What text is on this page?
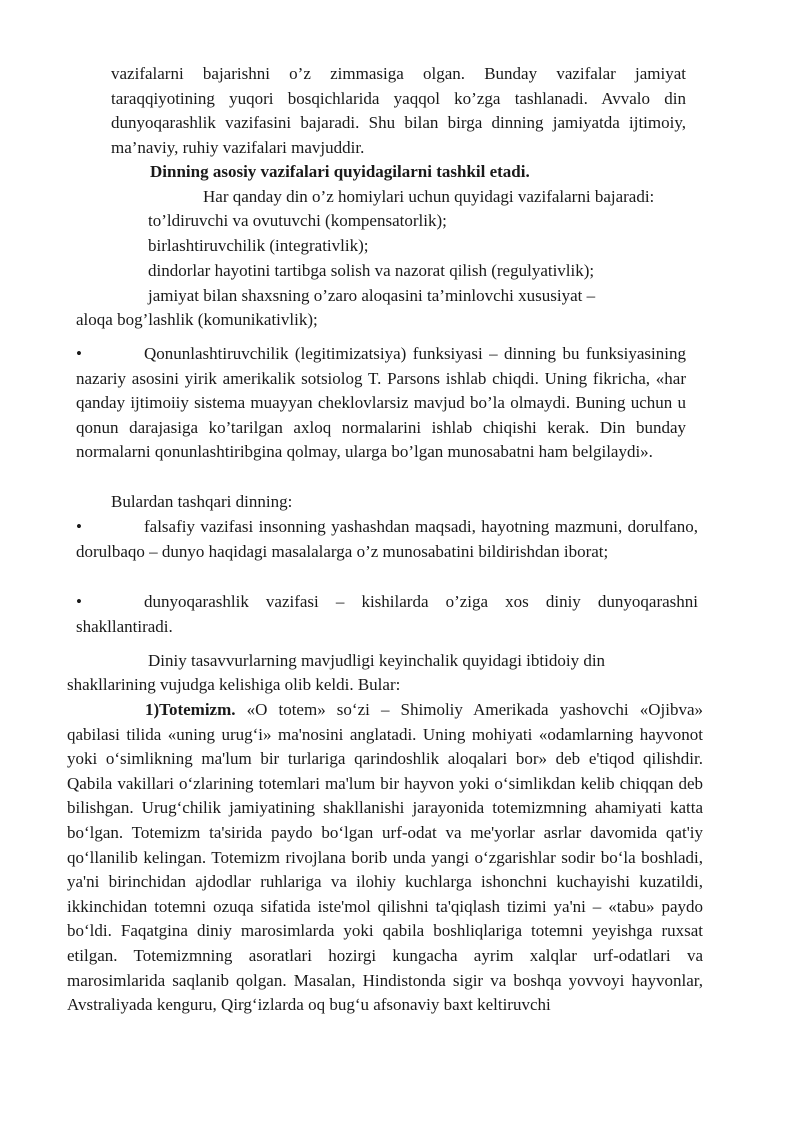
vazifalarni bajarishni o’z zimmasiga olgan. Bunday vazifalar jamiyat taraqqiyotining yuqori bosqichlarida yaqqol ko’zga tashlanadi. Avvalo din dunyoqarashlik vazifasini bajaradi. Shu bilan birga dinning jamiyatda ijtimoiy, ma’naviy, ruhiy vazifalari mavjuddir.

Dinning asosiy vazifalari quyidagilarni tashkil etadi.

Har qanday din o’z homiylari uchun quyidagi vazifalarni bajaradi:

to’ldiruvchi va ovutuvchi (kompensatorlik);

birlashtiruvchilik (integrativlik);

dindorlar hayotini tartibga solish va nazorat qilish (regulyativlik);

jamiyat bilan shaxsning o’zaro aloqasini ta’minlovchi xususiyat –

aloqa bog’lashlik (komunikativlik);

•	Qonunlashtiruvchilik (legitimizatsiya) funksiyasi – dinning bu funksiyasining nazariy asosini yirik amerikalik sotsiolog T. Parsons ishlab chiqdi. Uning fikricha, «har qanday ijtimoiiy sistema muayyan cheklovlarsiz mavjud bo’la olmaydi. Buning uchun u qonun darajasiga ko’tarilgan axloq normalarini ishlab chiqishi kerak. Din bunday normalarni qonunlashtiribgina qolmay, ularga bo’lgan munosabatni ham belgilaydi».

Bulardan tashqari dinning:

•	falsafiy vazifasi insonning yashashdan maqsadi, hayotning mazmuni, dorulfano, dorulbaqo – dunyo haqidagi masalalarga o’z munosabatini bildirishdan iborat;

•	dunyoqarashlik vazifasi – kishilarda o’ziga xos diniy dunyoqarashni shakllantiradi.

Diniy tasavvurlarning mavjudligi keyinchalik quyidagi ibtidoiy din

shakllarining vujudga kelishiga olib keldi. Bular:

1)Totemizm. «O totem» so‘zi – Shimoliy Amerikada yashovchi «Ojibva» qabilasi tilida «uning urug‘i» ma'nosini anglatadi. Uning mohiyati «odamlarning hayvonot yoki o‘simlikning ma'lum bir turlariga qarindoshlik aloqalari bor» deb e'tiqod qilishdir. Qabila vakillari o‘zlarining totemlari ma'lum bir hayvon yoki o‘simlikdan kelib chiqqan deb bilishgan. Urug‘chilik jamiyatining shakllanishi jarayonida totemizmning ahamiyati katta bo‘lgan. Totemizm ta'sirida paydo bo‘lgan urf-odat va me'yorlar asrlar davomida qat'iy qo‘llanilib kelingan. Totemizm rivojlana borib unda yangi o‘zgarishlar sodir bo‘la boshladi, ya'ni birinchidan ajdodlar ruhlariga va ilohiy kuchlarga ishonchni kuchayishi kuzatildi, ikkinchidan totemni ozuqa sifatida iste'mol qilishni ta'qiqlash tizimi ya'ni – «tabu» paydo bo‘ldi. Faqatgina diniy marosimlarda yoki qabila boshliqlariga totemni yeyishga ruxsat etilgan. Totemizmning asoratlari hozirgi kungacha ayrim xalqlar urf-odatlari va marosimlarida saqlanib qolgan. Masalan, Hindistonda sigir va boshqa yovvoyi hayvonlar, Avstraliyada kenguru, Qirg‘izlarda oq bug‘u afsonaviy baxt keltiruvchi
